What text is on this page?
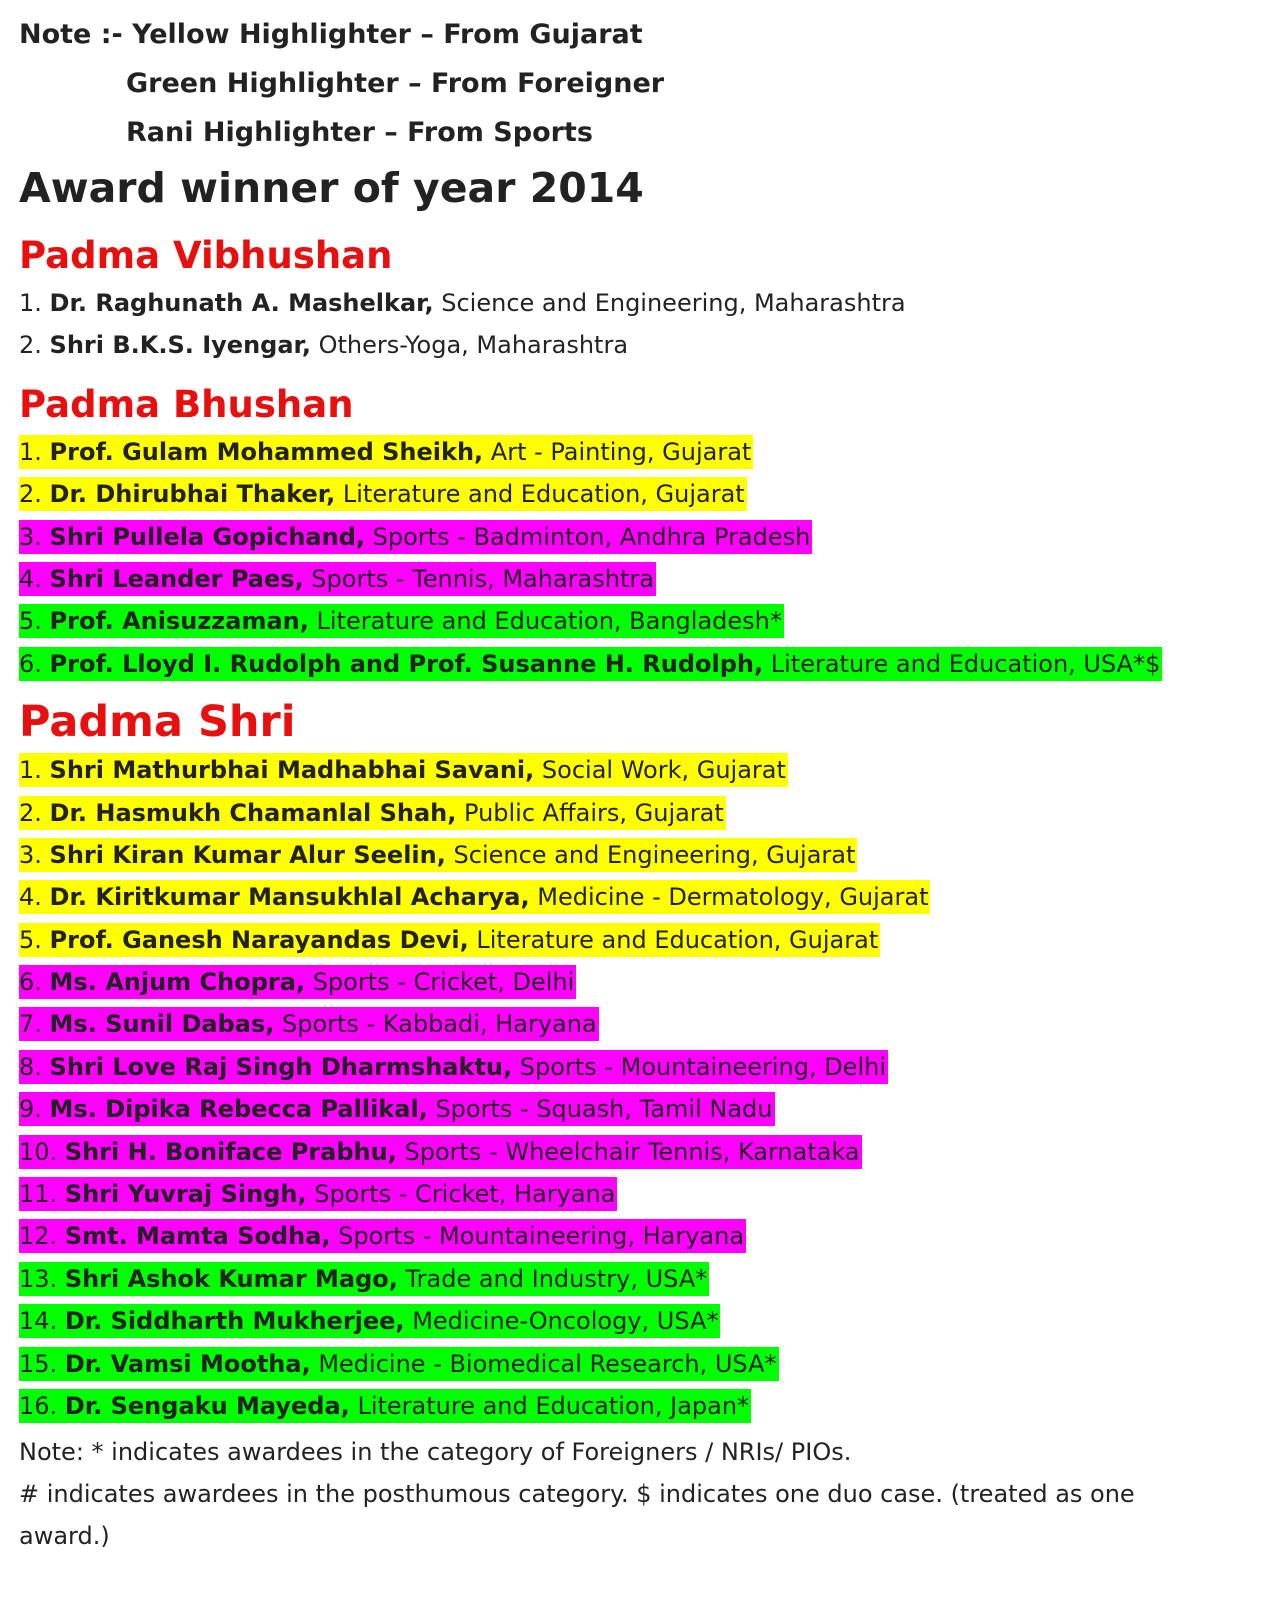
Note :- Yellow Highlighter – From Gujarat
Green Highlighter – From Foreigner
Rani Highlighter – From Sports
Award winner of year 2014
Padma Vibhushan
1. Dr. Raghunath A. Mashelkar, Science and Engineering, Maharashtra
2. Shri B.K.S. Iyengar, Others-Yoga, Maharashtra
Padma Bhushan
1. Prof. Gulam Mohammed Sheikh, Art - Painting, Gujarat
2. Dr. Dhirubhai Thaker, Literature and Education, Gujarat
3. Shri Pullela Gopichand, Sports - Badminton, Andhra Pradesh
4. Shri Leander Paes, Sports - Tennis, Maharashtra
5. Prof. Anisuzzaman, Literature and Education, Bangladesh*
6. Prof. Lloyd I. Rudolph and Prof. Susanne H. Rudolph, Literature and Education, USA*$
Padma Shri
1. Shri Mathurbhai Madhabhai Savani, Social Work, Gujarat
2. Dr. Hasmukh Chamanlal Shah, Public Affairs, Gujarat
3. Shri Kiran Kumar Alur Seelin, Science and Engineering, Gujarat
4. Dr. Kiritkumar Mansukhlal Acharya, Medicine - Dermatology, Gujarat
5. Prof. Ganesh Narayandas Devi, Literature and Education, Gujarat
6. Ms. Anjum Chopra, Sports - Cricket, Delhi
7. Ms. Sunil Dabas, Sports - Kabbadi, Haryana
8. Shri Love Raj Singh Dharmshaktu, Sports - Mountaineering, Delhi
9. Ms. Dipika Rebecca Pallikal, Sports - Squash, Tamil Nadu
10. Shri H. Boniface Prabhu, Sports - Wheelchair Tennis, Karnataka
11. Shri Yuvraj Singh, Sports - Cricket, Haryana
12. Smt. Mamta Sodha, Sports - Mountaineering, Haryana
13. Shri Ashok Kumar Mago, Trade and Industry, USA*
14. Dr. Siddharth Mukherjee, Medicine-Oncology, USA*
15. Dr. Vamsi Mootha, Medicine - Biomedical Research, USA*
16. Dr. Sengaku Mayeda, Literature and Education, Japan*
Note: * indicates awardees in the category of Foreigners / NRIs/ PIOs.
# indicates awardees in the posthumous category. $ indicates one duo case. (treated as one award.)
